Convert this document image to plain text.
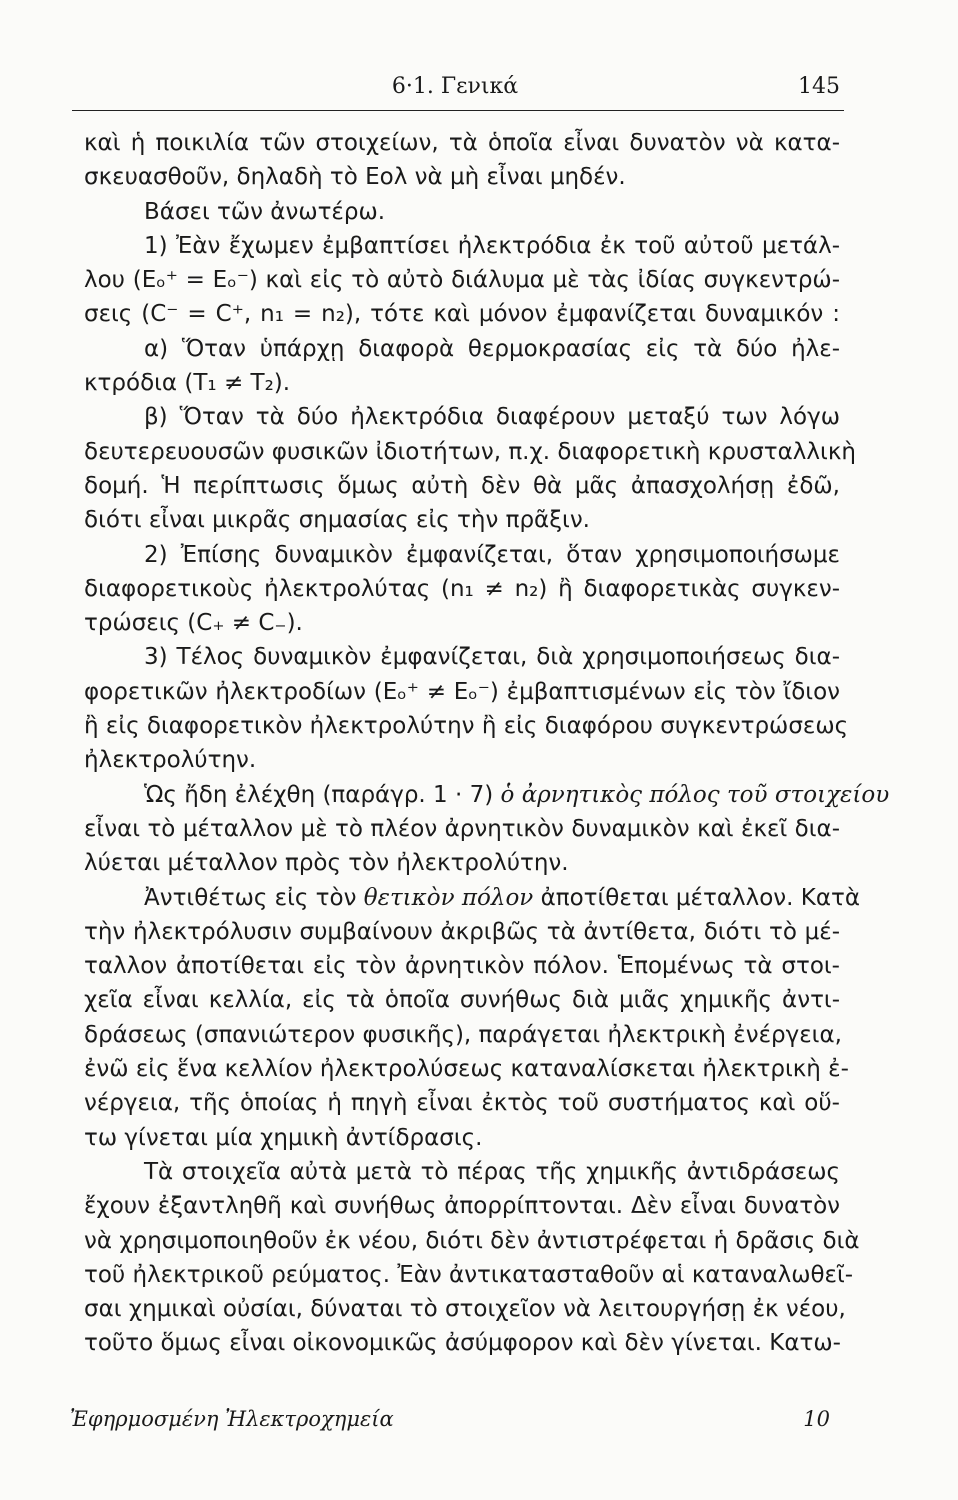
6·1. Γενικά	145
καὶ ἡ ποικιλία τῶν στοιχείων, τὰ ὁποῖα εἶναι δυνατὸν νὰ κατα-
σκευασθοῦν, δηλαδὴ τὸ Eολ νὰ μὴ εἶναι μηδέν.
Βάσει τῶν ἀνωτέρω.
1) Ἐὰν ἔχωμεν ἐμβαπτίσει ἠλεκτρόδια ἐκ τοῦ αὐτοῦ μετάλ-
λου (Eₒ⁺ = Eₒ⁻) καὶ εἰς τὸ αὐτὸ διάλυμα μὲ τὰς ἰδίας συγκεντρώ-
σεις (C⁻ = C⁺, n₁ = n₂), τότε καὶ μόνον ἐμφανίζεται δυναμικόν :
α) Ὅταν ὑπάρχῃ διαφορὰ θερμοκρασίας εἰς τὰ δύο ἠλε-
κτρόδια (T₁ ≠ T₂).
β) Ὅταν τὰ δύο ἠλεκτρόδια διαφέρουν μεταξύ των λόγω
δευτερευουσῶν φυσικῶν ἰδιοτήτων, π.χ. διαφορετικὴ κρυσταλλικὴ
δομή. Ἡ περίπτωσις ὅμως αὐτὴ δὲν θὰ μᾶς ἀπασχολήσῃ ἐδῶ,
διότι εἶναι μικρᾶς σημασίας εἰς τὴν πρᾶξιν.
2) Ἐπίσης δυναμικὸν ἐμφανίζεται, ὅταν χρησιμοποιήσωμε
διαφορετικοὺς ἠλεκτρολύτας (n₁ ≠ n₂) ἢ διαφορετικὰς συγκεν-
τρώσεις (C₊ ≠ C₋).
3) Τέλος δυναμικὸν ἐμφανίζεται, διὰ χρησιμοποιήσεως δια-
φορετικῶν ἠλεκτροδίων (Eₒ⁺ ≠ Eₒ⁻) ἐμβαπτισμένων εἰς τὸν ἴδιον
ἢ εἰς διαφορετικὸν ἠλεκτρολύτην ἢ εἰς διαφόρου συγκεντρώσεως
ἠλεκτρολύτην.
Ὡς ἤδη ἐλέχθη (παράγρ. 1 · 7) ὁ ἀρνητικὸς πόλος τοῦ στοιχείου
εἶναι τὸ μέταλλον μὲ τὸ πλέον ἀρνητικὸν δυναμικὸν καὶ ἐκεῖ δια-
λύεται μέταλλον πρὸς τὸν ἠλεκτρολύτην.
Ἀντιθέτως εἰς τὸν θετικὸν πόλον ἀποτίθεται μέταλλον. Κατὰ
τὴν ἠλεκτρόλυσιν συμβαίνουν ἀκριβῶς τὰ ἀντίθετα, διότι τὸ μέ-
ταλλον ἀποτίθεται εἰς τὸν ἀρνητικὸν πόλον. Ἑπομένως τὰ στοι-
χεῖα εἶναι κελλία, εἰς τὰ ὁποῖα συνήθως διὰ μιᾶς χημικῆς ἀντι-
δράσεως (σπανιώτερον φυσικῆς), παράγεται ἠλεκτρικὴ ἐνέργεια,
ἐνῶ εἰς ἕνα κελλίον ἠλεκτρολύσεως καταναλίσκεται ἠλεκτρικὴ ἐ-
νέργεια, τῆς ὁποίας ἡ πηγὴ εἶναι ἐκτὸς τοῦ συστήματος καὶ οὕ-
τω γίνεται μία χημικὴ ἀντίδρασις.
Τὰ στοιχεῖα αὐτὰ μετὰ τὸ πέρας τῆς χημικῆς ἀντιδράσεως
ἔχουν ἐξαντληθῆ καὶ συνήθως ἀπορρίπτονται. Δὲν εἶναι δυνατὸν
νὰ χρησιμοποιηθοῦν ἐκ νέου, διότι δὲν ἀντιστρέφεται ἡ δρᾶσις διὰ
τοῦ ἠλεκτρικοῦ ρεύματος. Ἐὰν ἀντικατασταθοῦν αἱ καταναλωθεῖ-
σαι χημικαὶ οὐσίαι, δύναται τὸ στοιχεῖον νὰ λειτουργήσῃ ἐκ νέου,
τοῦτο ὅμως εἶναι οἰκονομικῶς ἀσύμφορον καὶ δὲν γίνεται. Κατω-
Ἐφηρμοσμένη Ἠλεκτροχημεία	10
